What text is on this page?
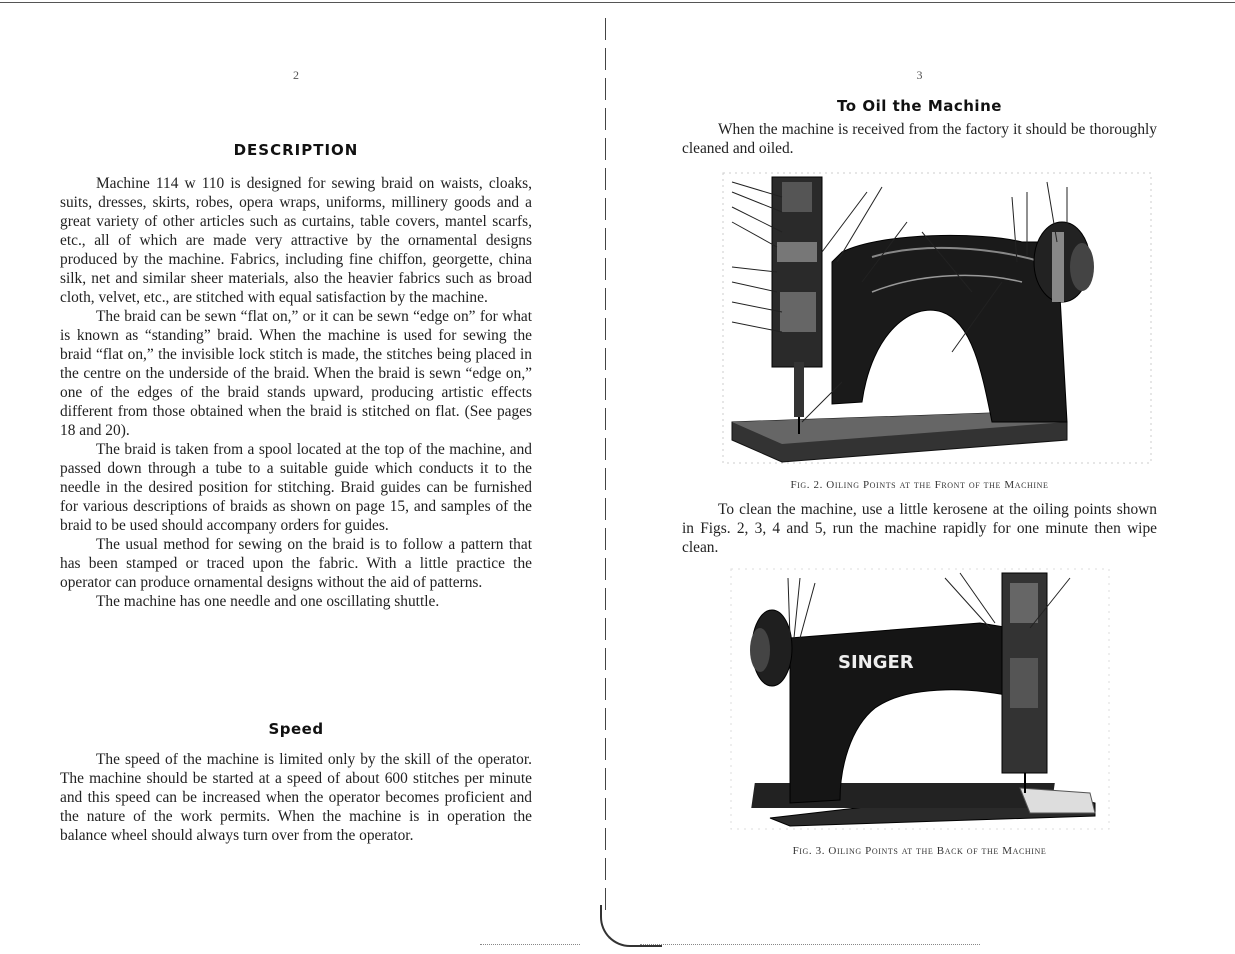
2
DESCRIPTION

Machine 114 w 110 is designed for sewing braid on waists, cloaks, suits, dresses, skirts, robes, opera wraps, uniforms, millinery goods and a great variety of other articles such as curtains, table covers, mantel scarfs, etc., all of which are made very attractive by the ornamental designs produced by the machine. Fabrics, including fine chiffon, georgette, china silk, net and similar sheer materials, also the heavier fabrics such as broad cloth, velvet, etc., are stitched with equal satisfaction by the machine.

The braid can be sewn “flat on,” or it can be sewn “edge on” for what is known as “standing” braid. When the machine is used for sewing the braid “flat on,” the invisible lock stitch is made, the stitches being placed in the centre on the underside of the braid. When the braid is sewn “edge on,” one of the edges of the braid stands upward, producing artistic effects different from those obtained when the braid is stitched on flat. (See pages 18 and 20).

The braid is taken from a spool located at the top of the machine, and passed down through a tube to a suitable guide which conducts it to the needle in the desired position for stitching. Braid guides can be furnished for various descriptions of braids as shown on page 15, and samples of the braid to be used should accompany orders for guides.

The usual method for sewing on the braid is to follow a pattern that has been stamped or traced upon the fabric. With a little practice the operator can produce ornamental designs without the aid of patterns.

The machine has one needle and one oscillating shuttle.

Speed

The speed of the machine is limited only by the skill of the operator. The machine should be started at a speed of about 600 stitches per minute and this speed can be increased when the operator becomes proficient and the nature of the work permits. When the machine is in operation the balance wheel should always turn over from the operator.

3
To Oil the Machine

When the machine is received from the factory it should be thoroughly cleaned and oiled.

Fig. 2. Oiling Points at the Front of the Machine

To clean the machine, use a little kerosene at the oiling points shown in Figs. 2, 3, 4 and 5, run the machine rapidly for one minute then wipe clean.

SINGER
Fig. 3. Oiling Points at the Back of the Machine
